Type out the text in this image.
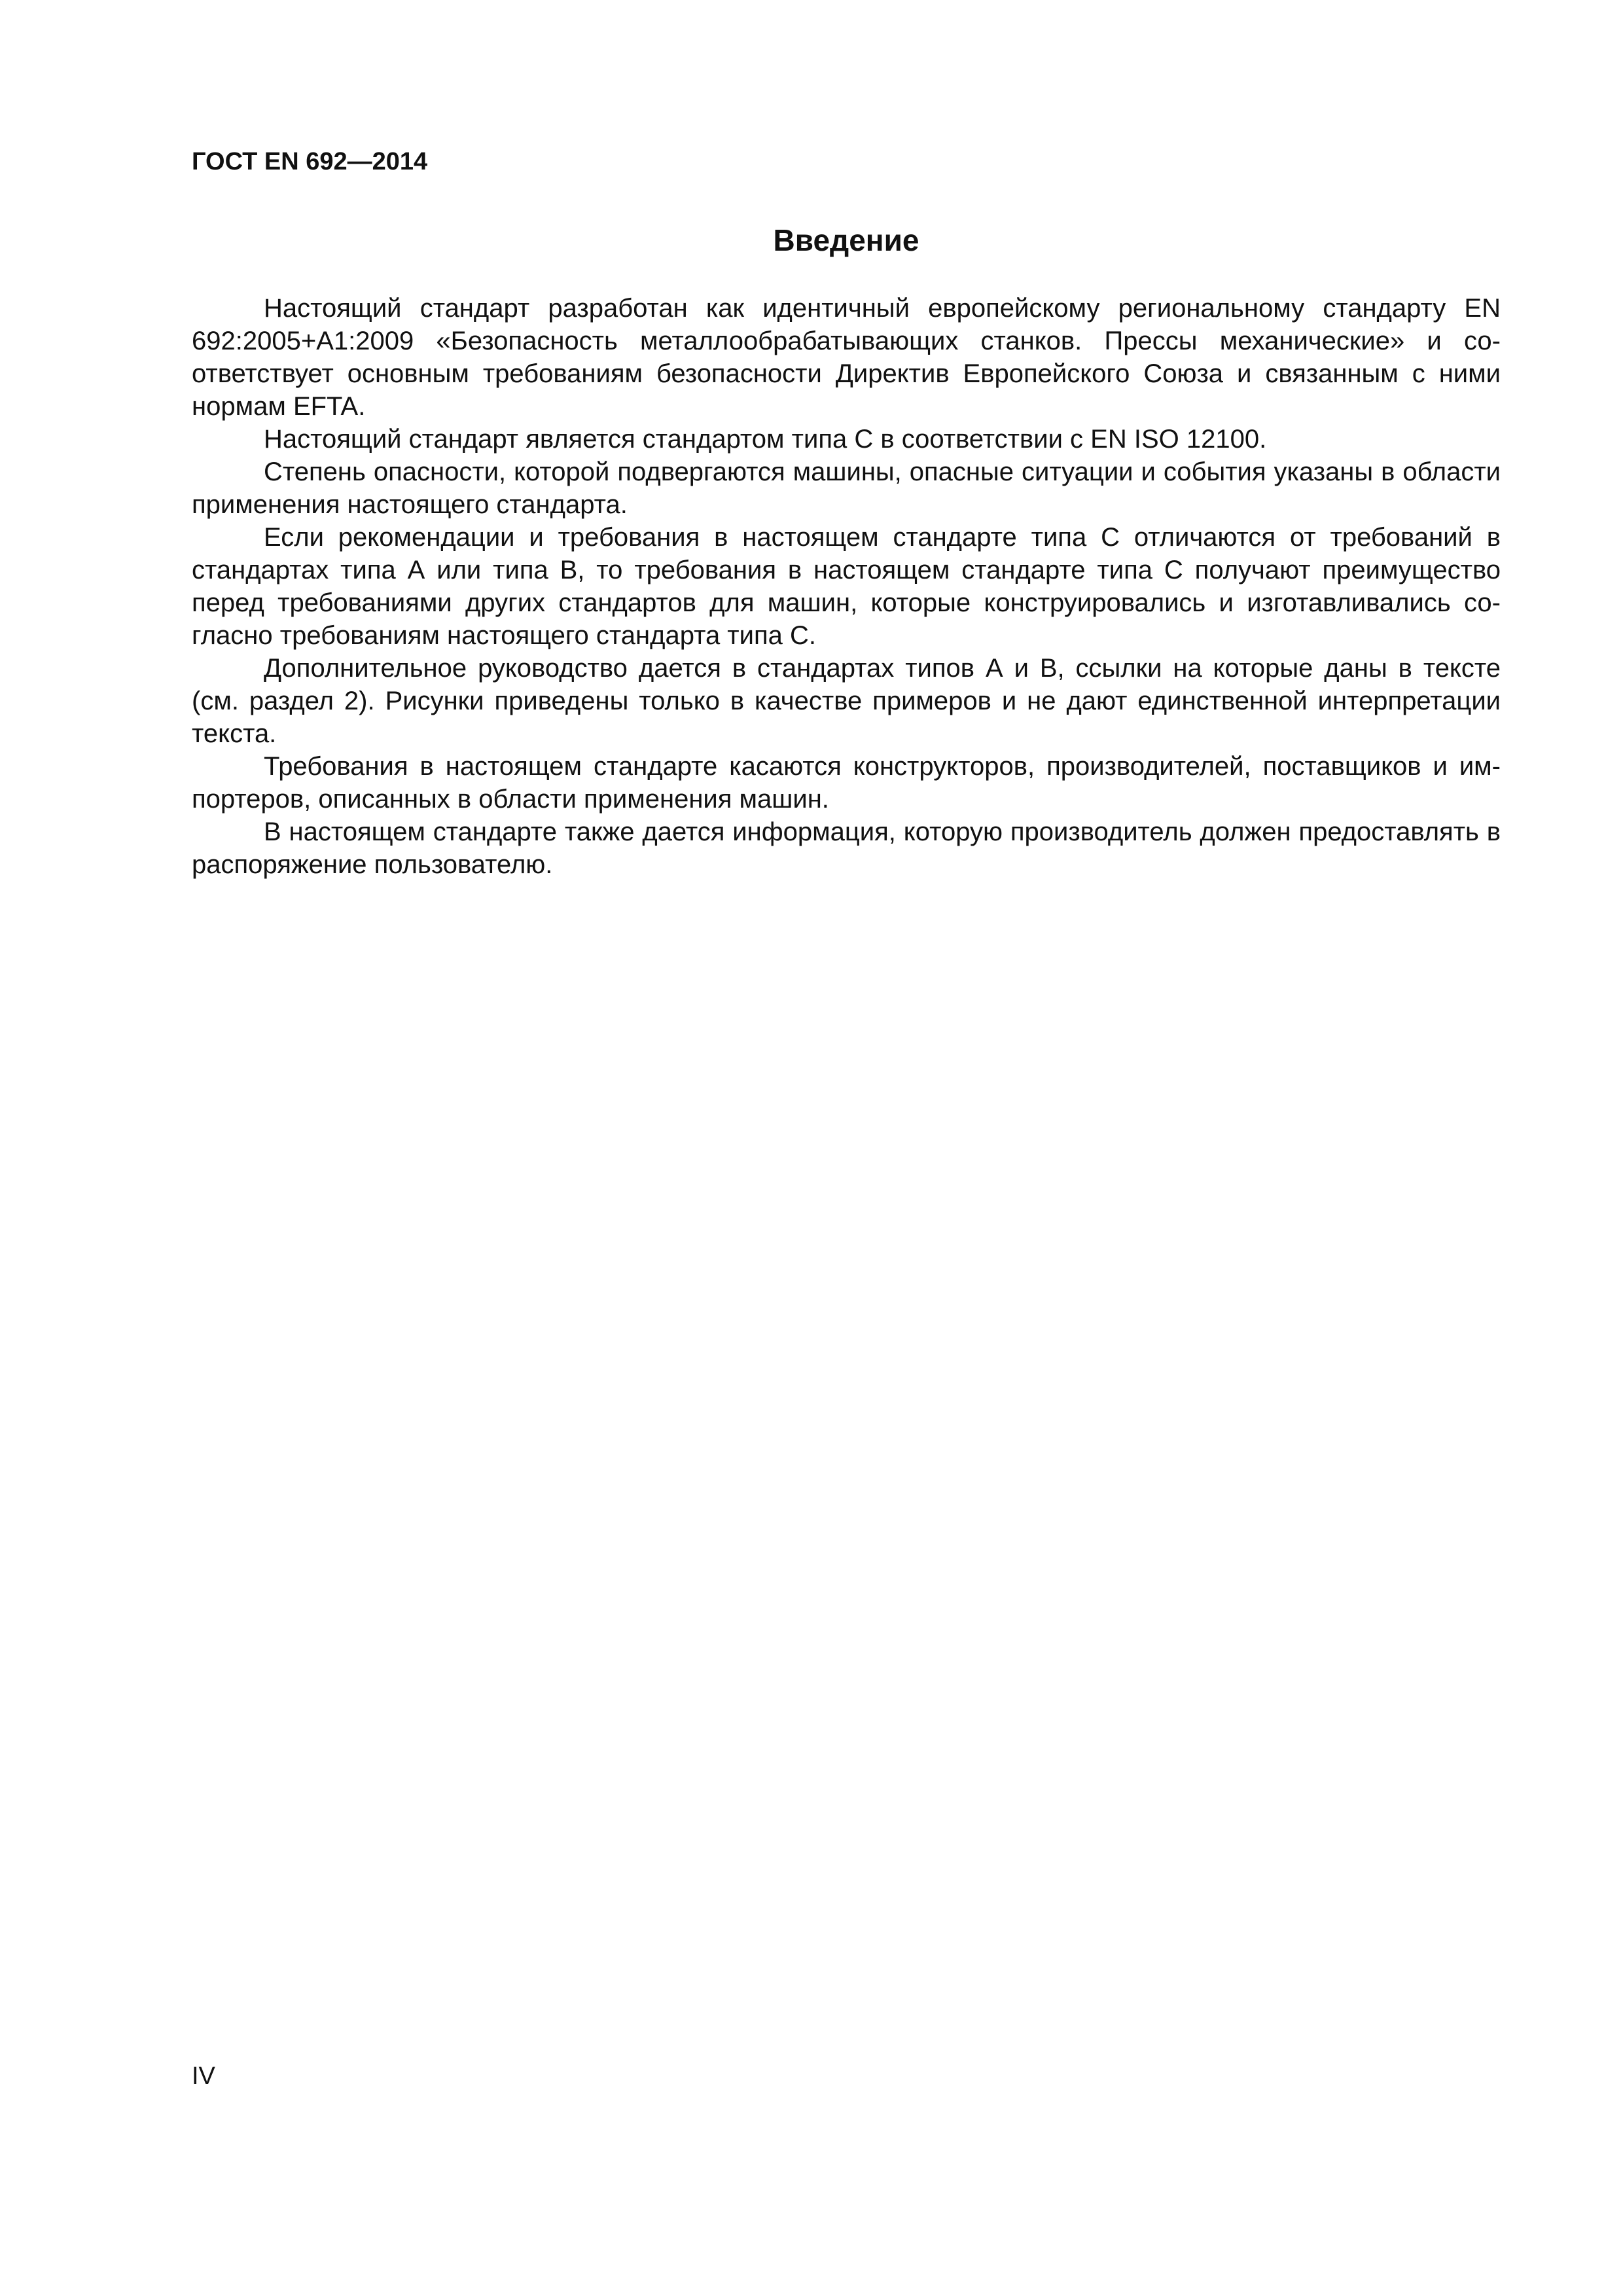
ГОСТ EN 692—2014
Введение

Настоящий стандарт разработан как идентичный европейскому региональному стандарту EN 692:2005+A1:2009 «Безопасность металлообрабатывающих станков. Прессы механические» и соответствует основным требованиям безопасности Директив Европейского Союза и связанным с ними нормам EFTA.

Настоящий стандарт является стандартом типа С в соответствии с EN ISO 12100.

Степень опасности, которой подвергаются машины, опасные ситуации и события указаны в области применения настоящего стандарта.

Если рекомендации и требования в настоящем стандарте типа С отличаются от требований в стандартах типа А или типа В, то требования в настоящем стандарте типа С получают преимущество перед требованиями других стандартов для машин, которые конструировались и изготавливались согласно требованиям настоящего стандарта типа С.

Дополнительное руководство дается в стандартах типов А и В, ссылки на которые даны в тексте (см. раздел 2). Рисунки приведены только в качестве примеров и не дают единственной интерпретации текста.

Требования в настоящем стандарте касаются конструкторов, производителей, поставщиков и импортеров, описанных в области применения машин.

В настоящем стандарте также дается информация, которую производитель должен предоставлять в распоряжение пользователю.

IV
